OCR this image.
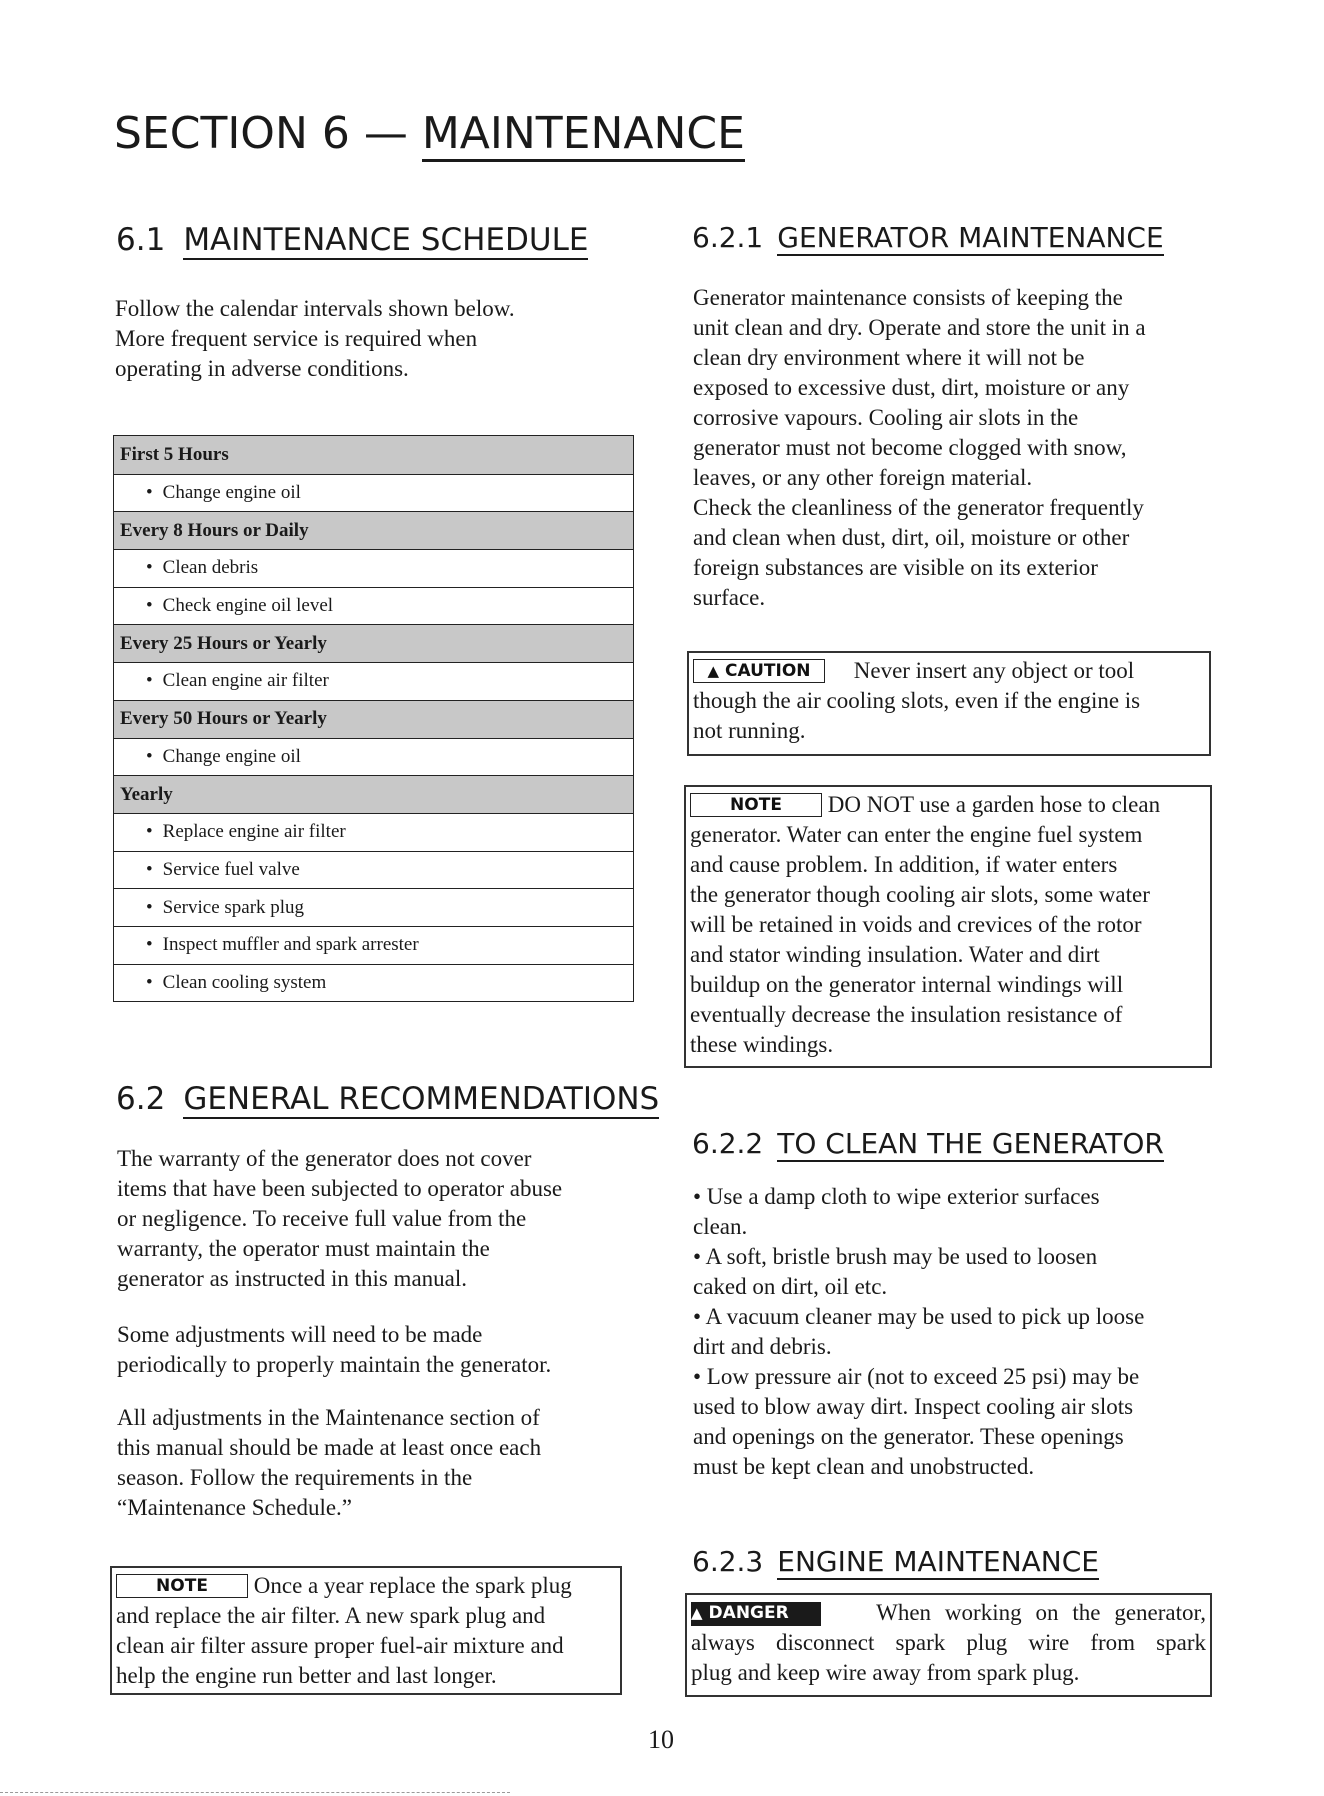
SECTION 6 — MAINTENANCE
6.1 MAINTENANCE SCHEDULE

Follow the calendar intervals shown below.

More frequent service is required when

operating in adverse conditions.

First 5 Hours
• Change engine oil
Every 8 Hours or Daily
• Clean debris
• Check engine oil level
Every 25 Hours or Yearly
• Clean engine air filter
Every 50 Hours or Yearly
• Change engine oil
Yearly
• Replace engine air filter
• Service fuel valve
• Service spark plug
• Inspect muffler and spark arrester
• Clean cooling system
6.2 GENERAL RECOMMENDATIONS

The warranty of the generator does not cover

items that have been subjected to operator abuse

or negligence. To receive full value from the

warranty, the operator must maintain the

generator as instructed in this manual.

Some adjustments will need to be made

periodically to properly maintain the generator.

All adjustments in the Maintenance section of

this manual should be made at least once each

season. Follow the requirements in the

“Maintenance Schedule.”

NOTE Once a year replace the spark plug
and replace the air filter. A new spark plug and
clean air filter assure proper fuel-air mixture and
help the engine run better and last longer.
6.2.1 GENERATOR MAINTENANCE

Generator maintenance consists of keeping the

unit clean and dry. Operate and store the unit in a

clean dry environment where it will not be

exposed to excessive dust, dirt, moisture or any

corrosive vapours. Cooling air slots in the

generator must not become clogged with snow,

leaves, or any other foreign material.

Check the cleanliness of the generator frequently

and clean when dust, dirt, oil, moisture or other

foreign substances are visible on its exterior

surface.

▲ CAUTION Never insert any object or tool
though the air cooling slots, even if the engine is
not running.
NOTE DO NOT use a garden hose to clean
generator. Water can enter the engine fuel system
and cause problem. In addition, if water enters
the generator though cooling air slots, some water
will be retained in voids and crevices of the rotor
and stator winding insulation. Water and dirt
buildup on the generator internal windings will
eventually decrease the insulation resistance of
these windings.
6.2.2 TO CLEAN THE GENERATOR

• Use a damp cloth to wipe exterior surfaces

clean.

• A soft, bristle brush may be used to loosen

caked on dirt, oil etc.

• A vacuum cleaner may be used to pick up loose

dirt and debris.

• Low pressure air (not to exceed 25 psi) may be

used to blow away dirt. Inspect cooling air slots

and openings on the generator. These openings

must be kept clean and unobstructed.

6.2.3 ENGINE MAINTENANCE
▲ DANGER	When working on the generator,
always disconnect spark plug wire from spark
plug and keep wire away from spark plug.
10
